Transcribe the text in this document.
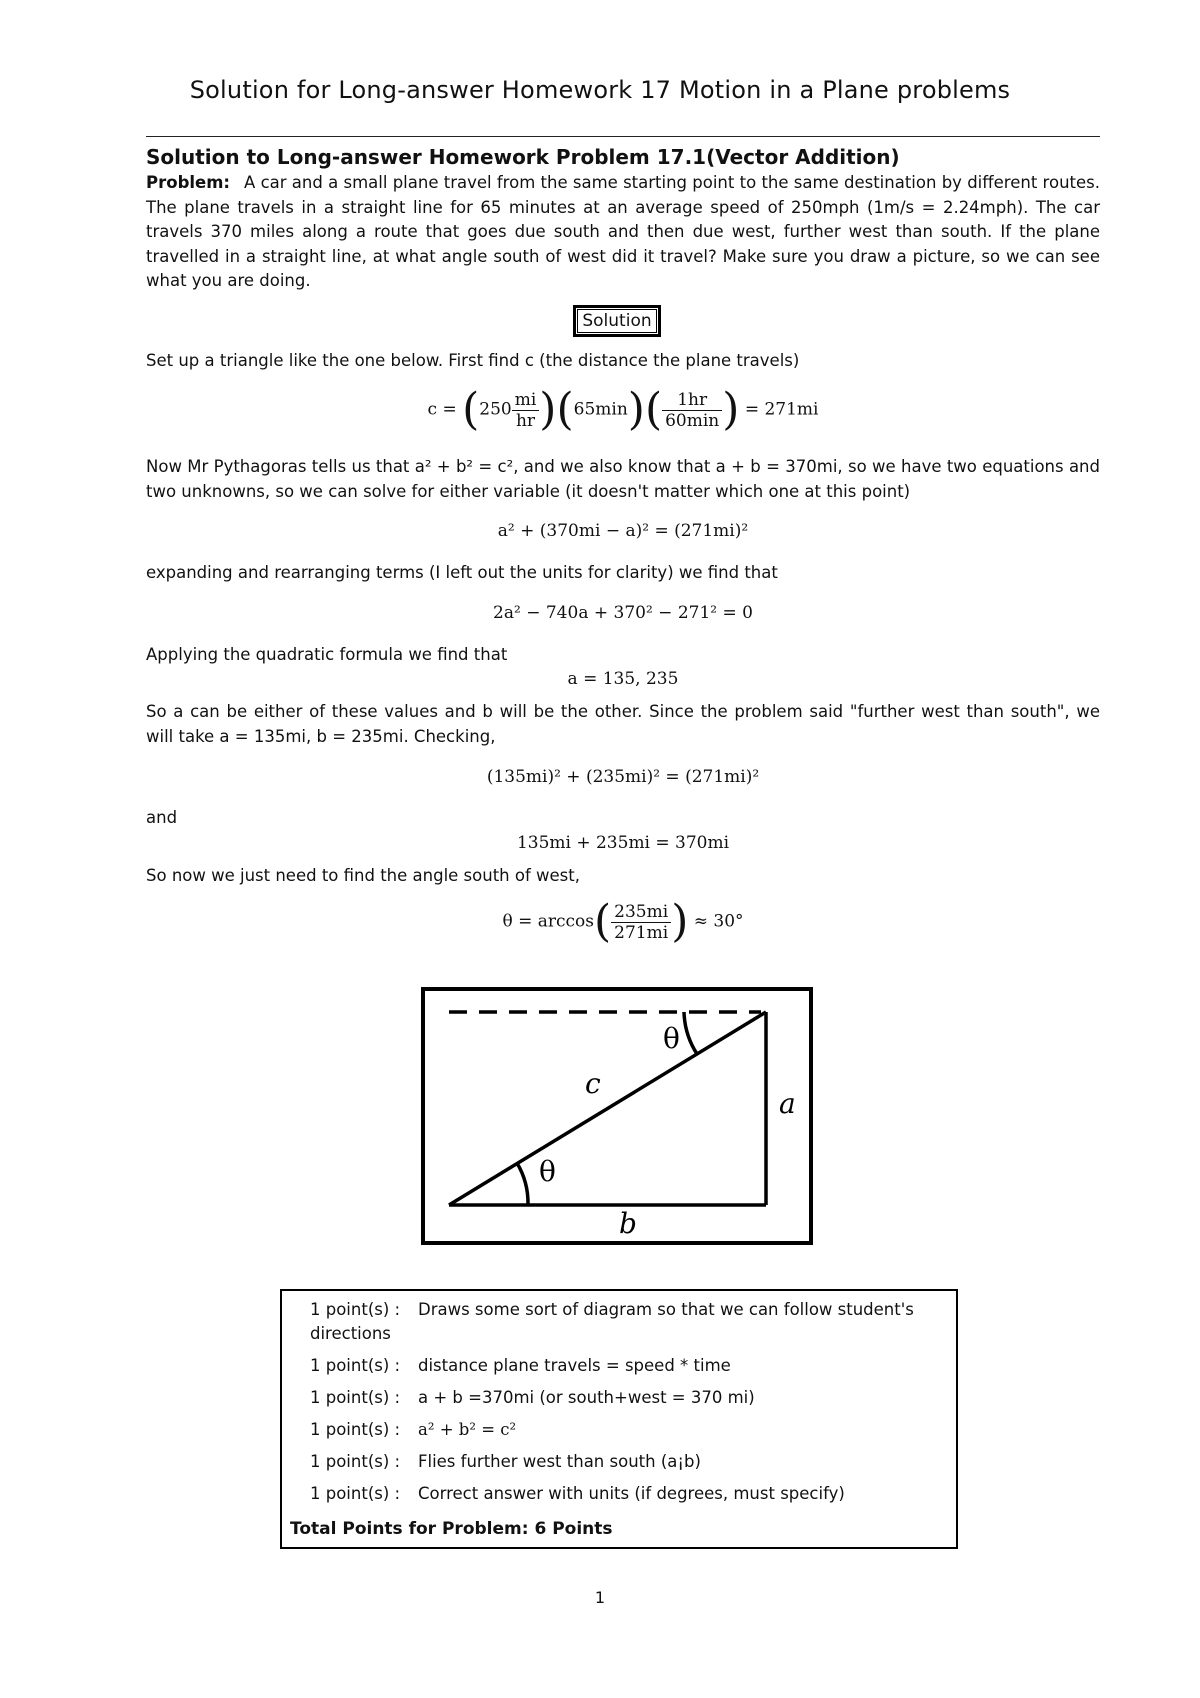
Solution for Long-answer Homework 17 Motion in a Plane problems
Solution to Long-answer Homework Problem 17.1(Vector Addition)
Problem: A car and a small plane travel from the same starting point to the same destination by different routes. The plane travels in a straight line for 65 minutes at an average speed of 250mph (1m/s = 2.24mph). The car travels 370 miles along a route that goes due south and then due west, further west than south. If the plane travelled in a straight line, at what angle south of west did it travel? Make sure you draw a picture, so we can see what you are doing.
Solution
Set up a triangle like the one below. First find c (the distance the plane travels)
$c = (250 \frac{mi}{hr} )(65\min)( \frac{1hr}{60\min}$ ) = 271mi
Now Mr Pythagoras tells us that a² + b² = c², and we also know that a + b = 370mi, so we have two equations and two unknowns, so we can solve for either variable (it doesn't matter which one at this point)
a² + (370mi − a)² = (271mi)²
expanding and rearranging terms (I left out the units for clarity) we find that
2a² − 740a + 370² − 271² = 0
Applying the quadratic formula we find that
a = 135, 235
So a can be either of these values and b will be the other. Since the problem said "further west than south", we will take a = 135mi, b = 235mi. Checking,
(135mi)² + (235mi)² = (271mi)²
and
135mi + 235mi = 370mi
So now we just need to find the angle south of west,
$\theta = \arccos( \frac{235mi}{271mi}$ ) ≈ 30°
θ
θ
c
a
b
1 point(s) : Draws some sort of diagram so that we can follow student's directions
1 point(s) : distance plane travels = speed * time
1 point(s) : a + b =370mi (or south+west = 370 mi)
1 point(s) : a² + b² = c²
1 point(s) : Flies further west than south (a¡b)
1 point(s) : Correct answer with units (if degrees, must specify)
Total Points for Problem: 6 Points
1
